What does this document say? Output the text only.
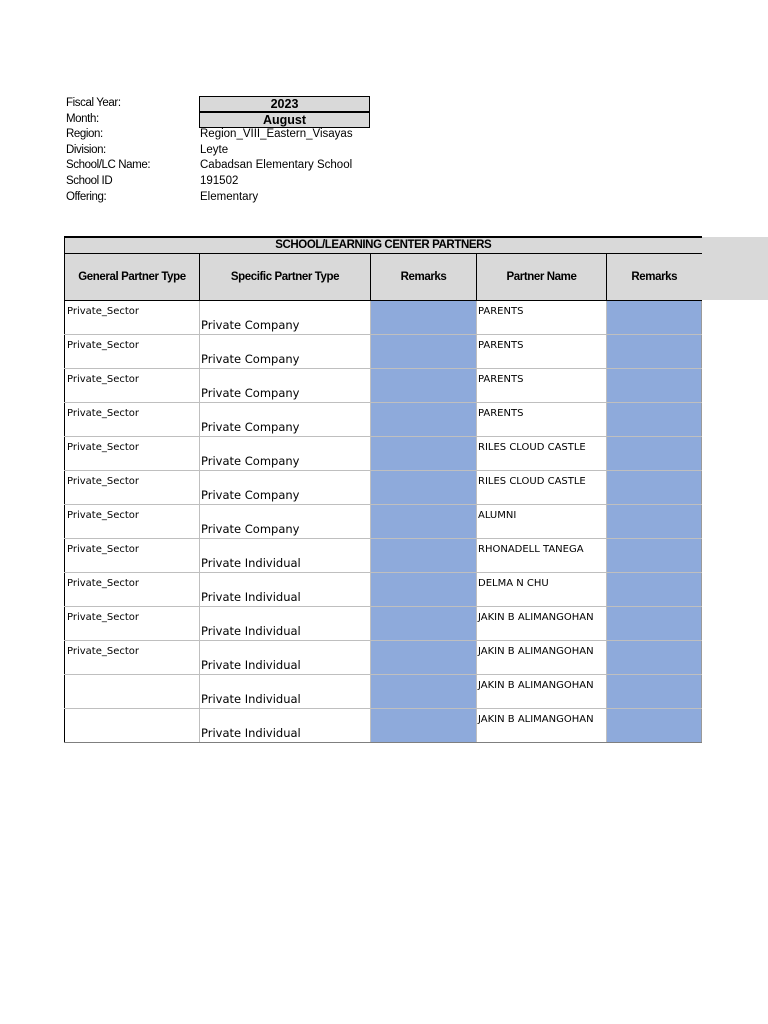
Fiscal Year:	2023
Month:	August
Region:	Region_VIII_Eastern_Visayas
Division:	Leyte
School/LC Name:	Cabadsan Elementary School
School ID	191502
Offering:	Elementary
SCHOOL/LEARNING CENTER PARTNERS				
General Partner Type	Specific Partner Type	Remarks	Partner Name	Remarks
Private_Sector	Private Company		PARENTS	
Private_Sector	Private Company		PARENTS	
Private_Sector	Private Company		PARENTS	
Private_Sector	Private Company		PARENTS	
Private_Sector	Private Company		RILES CLOUD CASTLE	
Private_Sector	Private Company		RILES CLOUD CASTLE	
Private_Sector	Private Company		ALUMNI	
Private_Sector	Private Individual		RHONADELL TANEGA	
Private_Sector	Private Individual		DELMA N CHU	
Private_Sector	Private Individual		JAKIN B ALIMANGOHAN	
Private_Sector	Private Individual		JAKIN B ALIMANGOHAN	
	Private Individual		JAKIN B ALIMANGOHAN	
	Private Individual		JAKIN B ALIMANGOHAN	
